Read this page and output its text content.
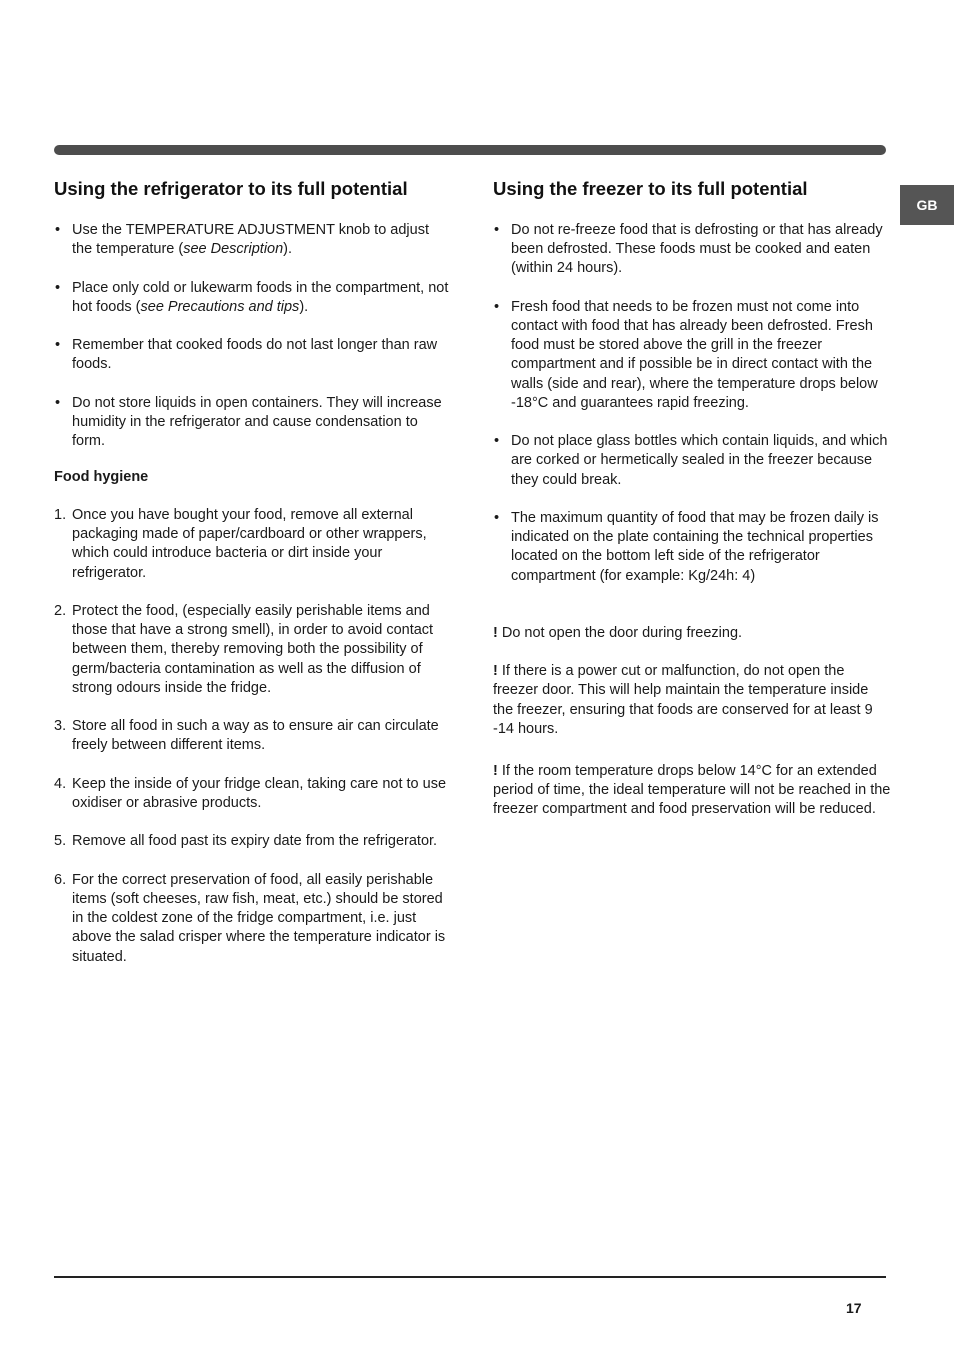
GB
Using the refrigerator to its full potential
• Use the TEMPERATURE ADJUSTMENT knob to adjust the temperature (see Description).
• Place only cold or lukewarm foods in the compartment, not hot foods (see Precautions and tips).
• Remember that cooked foods do not last longer than raw foods.
• Do not store liquids in open containers. They will increase humidity in the refrigerator and cause condensation to form.
Food hygiene
1. Once you have bought your food, remove all external packaging made of paper/cardboard or other wrappers, which could introduce bacteria or dirt inside your refrigerator.
2. Protect the food, (especially easily perishable items and those that have a strong smell), in order to avoid contact between them, thereby removing both the possibility of germ/bacteria contamination as well as the diffusion of strong odours inside the fridge.
3. Store all food in such a way as to ensure air can circulate freely between different items.
4. Keep the inside of your fridge clean, taking care not to use oxidiser or abrasive products.
5. Remove all food past its expiry date from the refrigerator.
6. For the correct preservation of food, all easily perishable items (soft cheeses, raw fish, meat, etc.) should be stored in the coldest zone of the fridge compartment, i.e. just above the salad crisper where the temperature indicator is situated.
Using the freezer to its full potential
• Do not re-freeze food that is defrosting or that has already been defrosted. These foods must be cooked and eaten (within 24 hours).
• Fresh food that needs to be frozen must not come into contact with food that has already been defrosted. Fresh food must be stored above the grill in the freezer compartment and if possible be in direct contact with the walls (side and rear), where the temperature drops below -18°C and guarantees rapid freezing.
• Do not place glass bottles which contain liquids, and which are corked or hermetically sealed in the freezer because they could break.
• The maximum quantity of food that may be frozen daily is indicated on the plate containing the technical properties located on the bottom left side of the refrigerator compartment (for example: Kg/24h: 4)

! Do not open the door during freezing.

! If there is a power cut or malfunction, do not open the freezer door. This will help maintain the temperature inside the freezer, ensuring that foods are conserved for at least 9 -14 hours.

! If the room temperature drops below 14°C for an extended period of time, the ideal temperature will not be reached in the freezer compartment and food preservation will be reduced.

17
